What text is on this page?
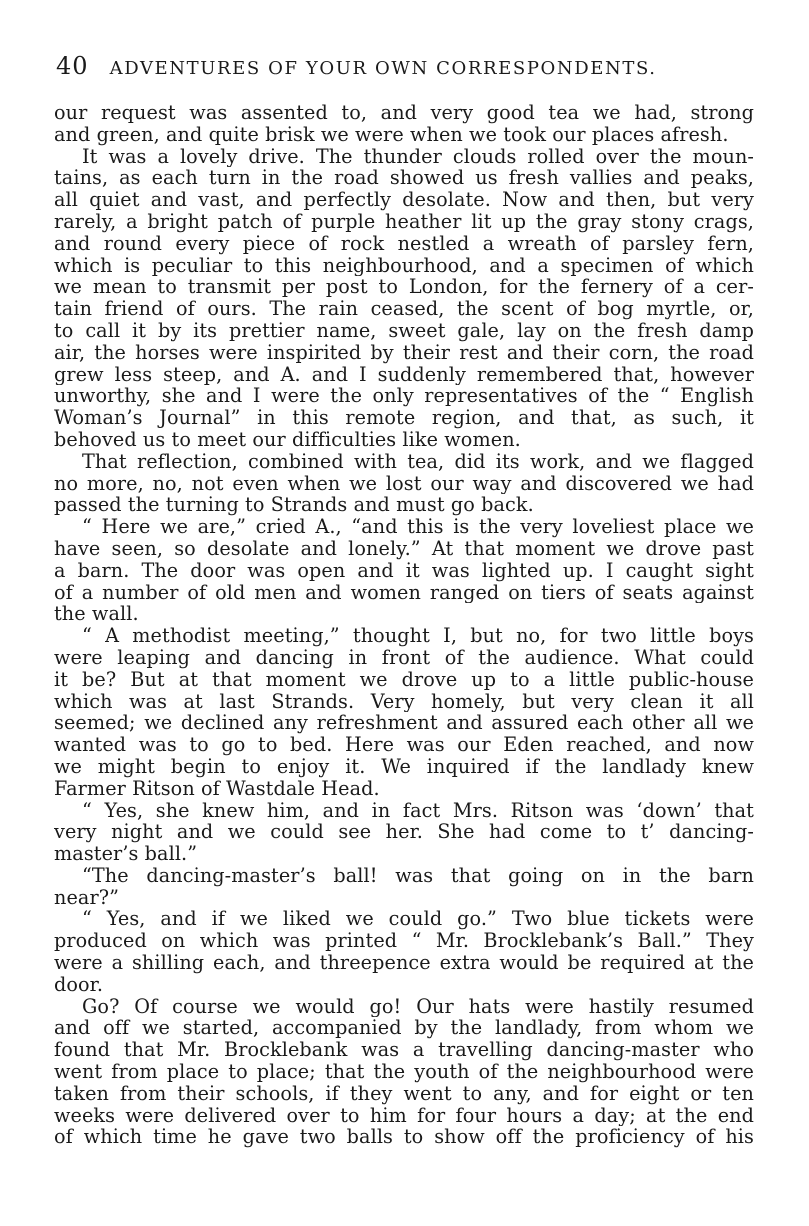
40 ADVENTURES OF YOUR OWN CORRESPONDENTS.
our request was assented to, and very good tea we had, strong
and green, and quite brisk we were when we took our places afresh.
It was a lovely drive. The thunder clouds rolled over the moun-
tains, as each turn in the road showed us fresh vallies and peaks,
all quiet and vast, and perfectly desolate. Now and then, but very
rarely, a bright patch of purple heather lit up the gray stony crags,
and round every piece of rock nestled a wreath of parsley fern,
which is peculiar to this neighbourhood, and a specimen of which
we mean to transmit per post to London, for the fernery of a cer-
tain friend of ours. The rain ceased, the scent of bog myrtle, or,
to call it by its prettier name, sweet gale, lay on the fresh damp
air, the horses were inspirited by their rest and their corn, the road
grew less steep, and A. and I suddenly remembered that, however
unworthy, she and I were the only representatives of the “ English
Woman’s Journal” in this remote region, and that, as such, it
behoved us to meet our difficulties like women.
That reflection, combined with tea, did its work, and we flagged
no more, no, not even when we lost our way and discovered we had
passed the turning to Strands and must go back.
“ Here we are,” cried A., “and this is the very loveliest place we
have seen, so desolate and lonely.” At that moment we drove past
a barn. The door was open and it was lighted up. I caught sight
of a number of old men and women ranged on tiers of seats against
the wall.
“ A methodist meeting,” thought I, but no, for two little boys
were leaping and dancing in front of the audience. What could
it be? But at that moment we drove up to a little public-house
which was at last Strands. Very homely, but very clean it all
seemed; we declined any refreshment and assured each other all we
wanted was to go to bed. Here was our Eden reached, and now
we might begin to enjoy it. We inquired if the landlady knew
Farmer Ritson of Wastdale Head.
“ Yes, she knew him, and in fact Mrs. Ritson was ‘down’ that
very night and we could see her. She had come to t’ dancing-
master’s ball.”
“The dancing-master’s ball! was that going on in the barn
near?”
“ Yes, and if we liked we could go.” Two blue tickets were
produced on which was printed “ Mr. Brocklebank’s Ball.” They
were a shilling each, and threepence extra would be required at the
door.
Go? Of course we would go! Our hats were hastily resumed
and off we started, accompanied by the landlady, from whom we
found that Mr. Brocklebank was a travelling dancing-master who
went from place to place; that the youth of the neighbourhood were
taken from their schools, if they went to any, and for eight or ten
weeks were delivered over to him for four hours a day; at the end
of which time he gave two balls to show off the proficiency of his
